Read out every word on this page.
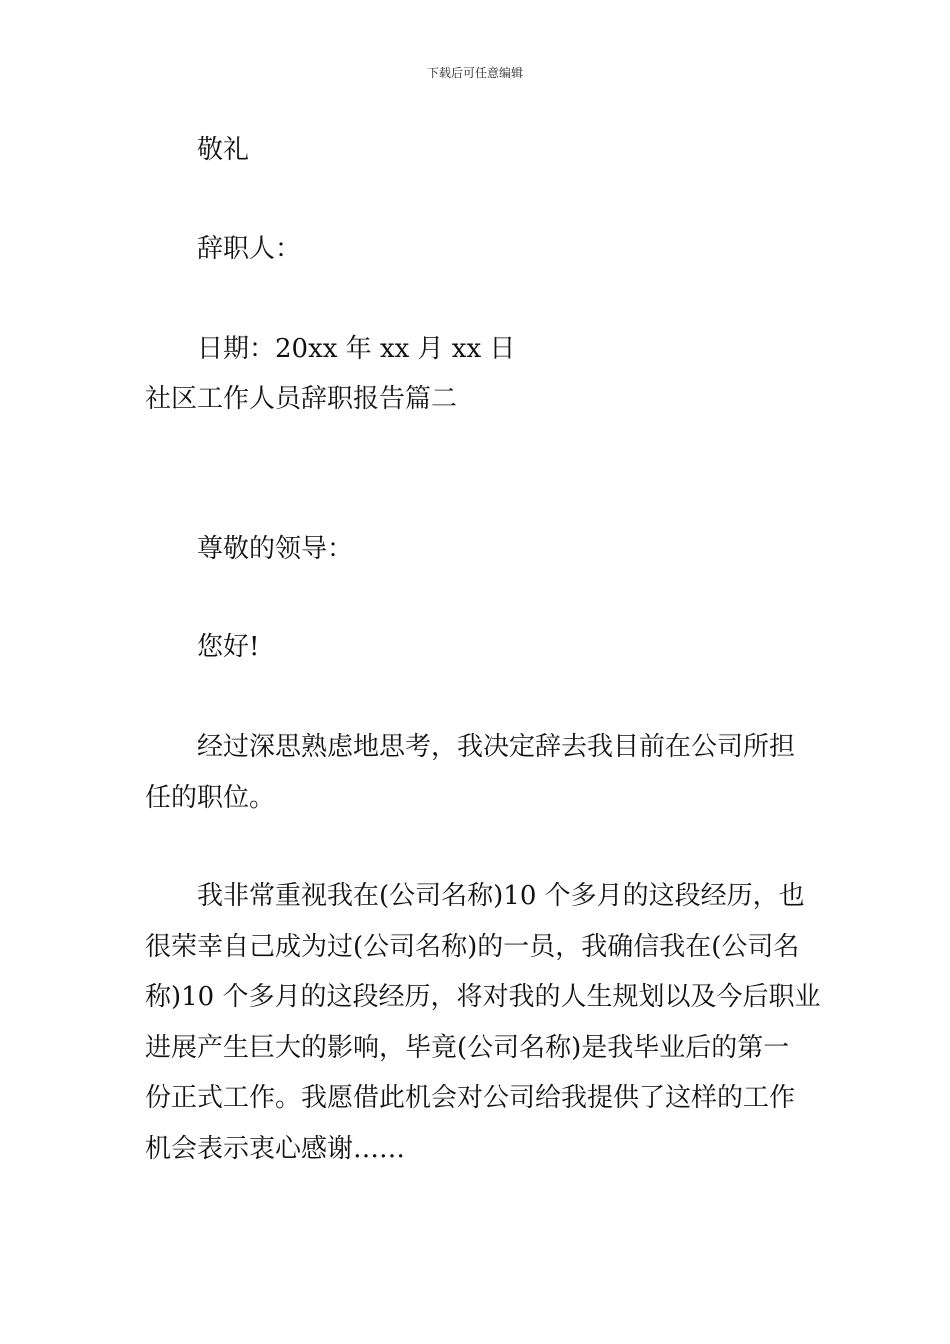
下载后可任意编辑
敬礼
辞职人：
日期：20xx 年 xx 月 xx 日
社区工作人员辞职报告篇二
尊敬的领导：
您好!
经过深思熟虑地思考，我决定辞去我目前在公司所担
任的职位。
我非常重视我在(公司名称)10 个多月的这段经历，也
很荣幸自己成为过(公司名称)的一员，我确信我在(公司名
称)10 个多月的这段经历，将对我的人生规划以及今后职业
进展产生巨大的影响，毕竟(公司名称)是我毕业后的第一
份正式工作。我愿借此机会对公司给我提供了这样的工作
机会表示衷心感谢……
